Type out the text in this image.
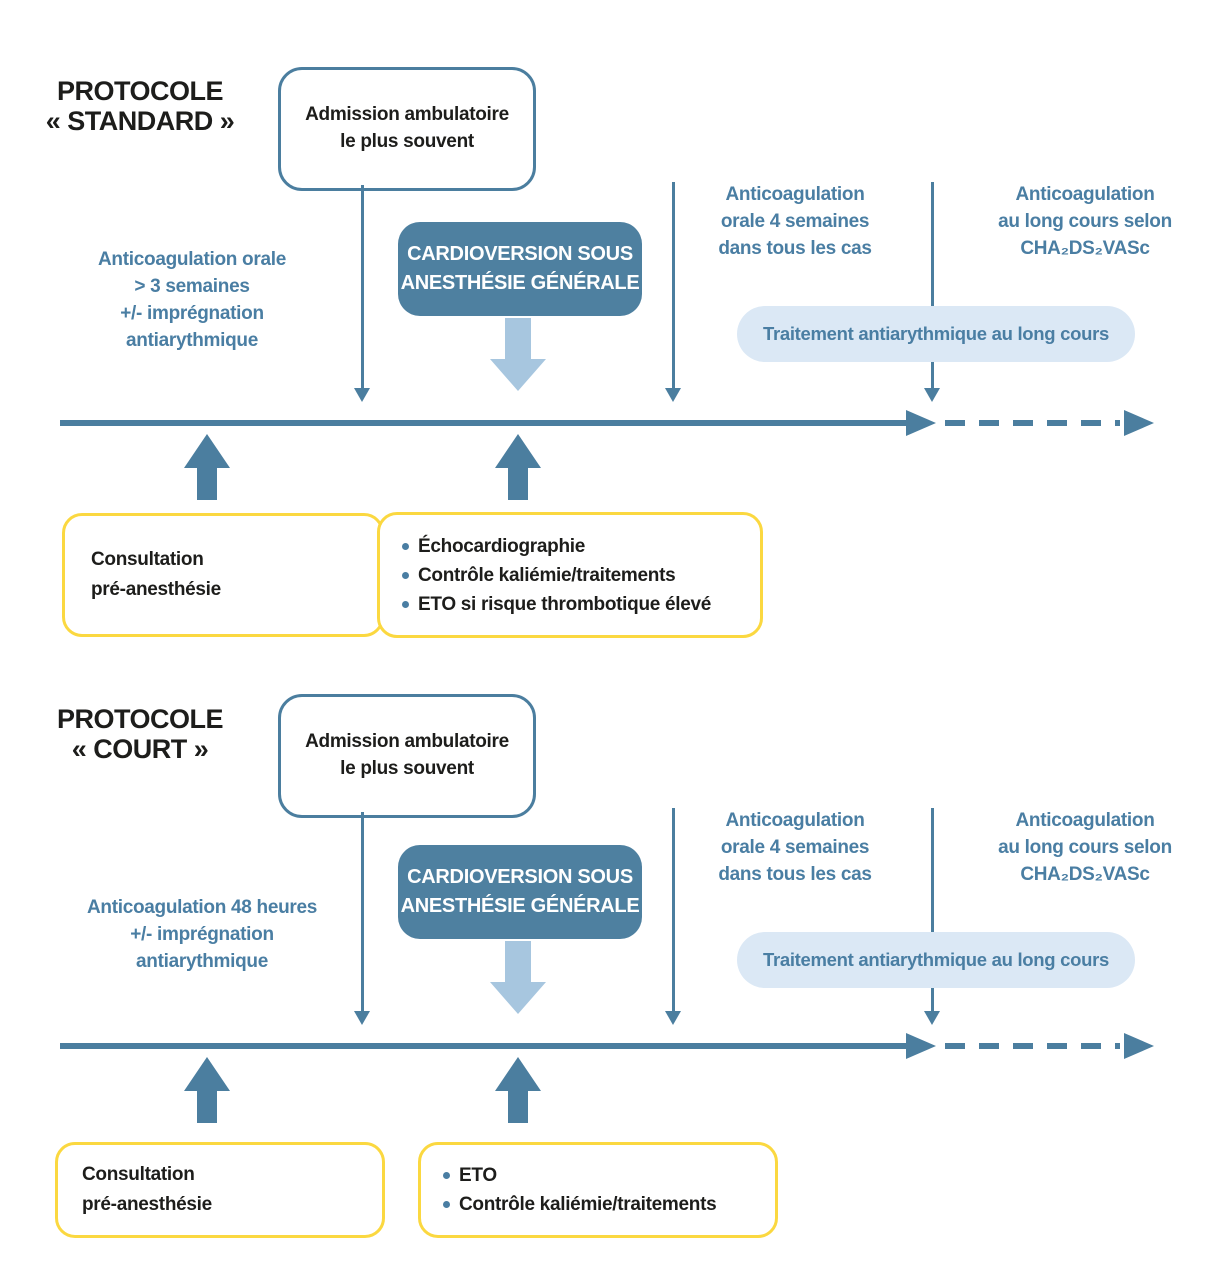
PROTOCOLE
« STANDARD »	Admission ambulatoire
le plus souvent
Anticoagulation orale
> 3 semaines
+/- imprégnation
antiarythmique
CARDIOVERSION SOUS
ANESTHÉSIE GÉNÉRALE
Anticoagulation
orale 4 semaines
dans tous les cas
Anticoagulation
au long cours selon
CHA₂DS₂VASc
Traitement antiarythmique au long cours
Consultation
pré-anesthésie
Échocardiographie
Contrôle kaliémie/traitements
ETO si risque thrombotique élevé
PROTOCOLE
« COURT »	Admission ambulatoire
le plus souvent
Anticoagulation 48 heures
+/- imprégnation
antiarythmique
CARDIOVERSION SOUS
ANESTHÉSIE GÉNÉRALE
Anticoagulation
orale 4 semaines
dans tous les cas
Anticoagulation
au long cours selon
CHA₂DS₂VASc
Traitement antiarythmique au long cours
Consultation
pré-anesthésie
ETO
Contrôle kaliémie/traitements
